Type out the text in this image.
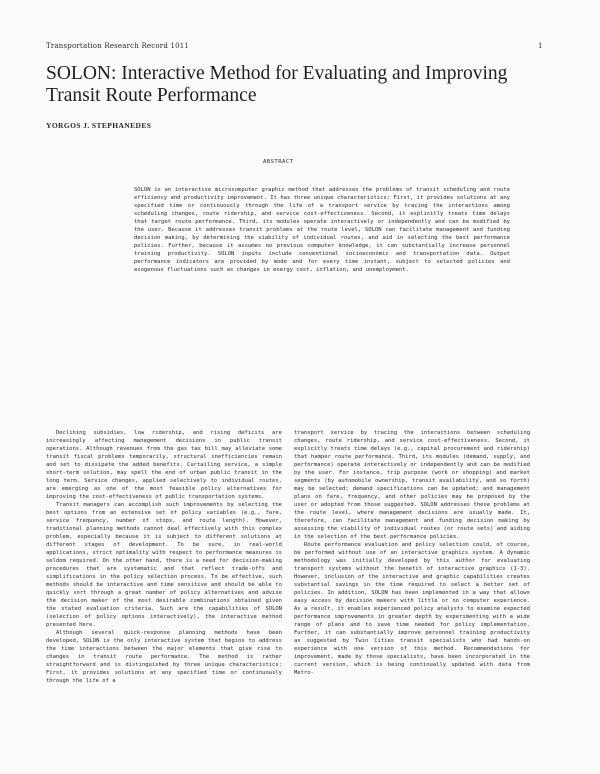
Transportation Research Record 1011	1
SOLON: Interactive Method for Evaluating and Improving Transit Route Performance
YORGOS J. STEPHANEDES
ABSTRACT

SOLON is an interactive microcomputer graphic method that addresses the problems of transit scheduling and route efficiency and productivity improvement. It has three unique characteristics: First, it provides solutions at any specified time or continuously through the life of a transport service by tracing the interactions among scheduling changes, route ridership, and service cost-effectiveness. Second, it explicitly treats time delays that target route performance. Third, its modules operate interactively or independently and can be modified by the user. Because it addresses transit problems at the route level, SOLON can facilitate management and funding decision making, by determining the viability of individual routes, and aid in selecting the best performance policies. Further, because it assumes no previous computer knowledge, it can substantially increase personnel training productivity. SOLON inputs include conventional socioeconomic and transportation data. Output performance indicators are provided by mode and for every time instant, subject to selected policies and exogenous fluctuations such as changes in energy cost, inflation, and unemployment.

Declining subsidies, low ridership, and rising deficits are increasingly affecting management decisions in public transit operations. Although revenues from the gas tax bill may alleviate some transit fiscal problems temporarily, structural inefficiencies remain and set to dissipate the added benefits. Curtailing service, a simple short-term solution, may spell the end of urban public transit in the long term. Service changes, applied selectively to individual routes, are emerging as one of the most feasible policy alternatives for improving the cost-effectiveness of public transportation systems.

Transit managers can accomplish such improvements by selecting the best options from an extensive set of policy variables (e.g., fare, service frequency, number of stops, and route length). However, traditional planning methods cannot deal effectively with this complex problem, especially because it is subject to different solutions at different stages of development. To be sure, in real-world applications, strict optimality with respect to performance measures is seldom required. On the other hand, there is a need for decision-making procedures that are systematic and that reflect trade-offs and simplifications in the policy selection process. To be effective, such methods should be interactive and time sensitive and should be able to quickly sort through a great number of policy alternatives and advise the decision maker of the most desirable combinations obtained given the stated evaluation criteria. Such are the capabilities of SOLON (selection of policy options interactively), the interactive method presented here.

Although several quick-response planning methods have been developed, SOLON is the only interactive system that begins to address the time interactions between the major elements that give rise to changes in transit route performance. The method is rather straightforward and is distinguished by three unique characteristics: First, it provides solutions at any specified time or continuously through the life of a

transport service by tracing the interactions between scheduling changes, route ridership, and service cost-effectiveness. Second, it explicitly treats time delays (e.g., capital procurement and ridership) that hamper route performance. Third, its modules (demand, supply, and performance) operate interactively or independently and can be modified by the user. For instance, trip purpose (work or shopping) and market segments (by automobile ownership, transit availability, and so forth) may be selected; demand specifications can be updated; and management plans on fare, frequency, and other policies may be proposed by the user or adopted from those suggested. SOLON addresses these problems at the route level, where management decisions are usually made. It, therefore, can facilitate management and funding decision making by assessing the viability of individual routes (or route sets) and aiding in the selection of the best performance policies.

Route performance evaluation and policy selection could, of course, be performed without use of an interactive graphics system. A dynamic methodology was initially developed by this author for evaluating transport systems without the benefit of interactive graphics (1-3). However, inclusion of the interactive and graphic capabilities creates substantial savings in the time required to select a better set of policies. In addition, SOLON has been implemented in a way that allows easy access by decision makers with little or no computer experience. As a result, it enables experienced policy analysts to examine expected performance improvements in greater depth by experimenting with a wide range of plans and to save time needed for policy implementation. Further, it can substantially improve personnel training productivity as suggested by Twin Cities transit specialists who had hands-on experience with one version of this method. Recommendations for improvement, made by those specialists, have been incorporated in the current version, which is being continually updated with data from Metro-
